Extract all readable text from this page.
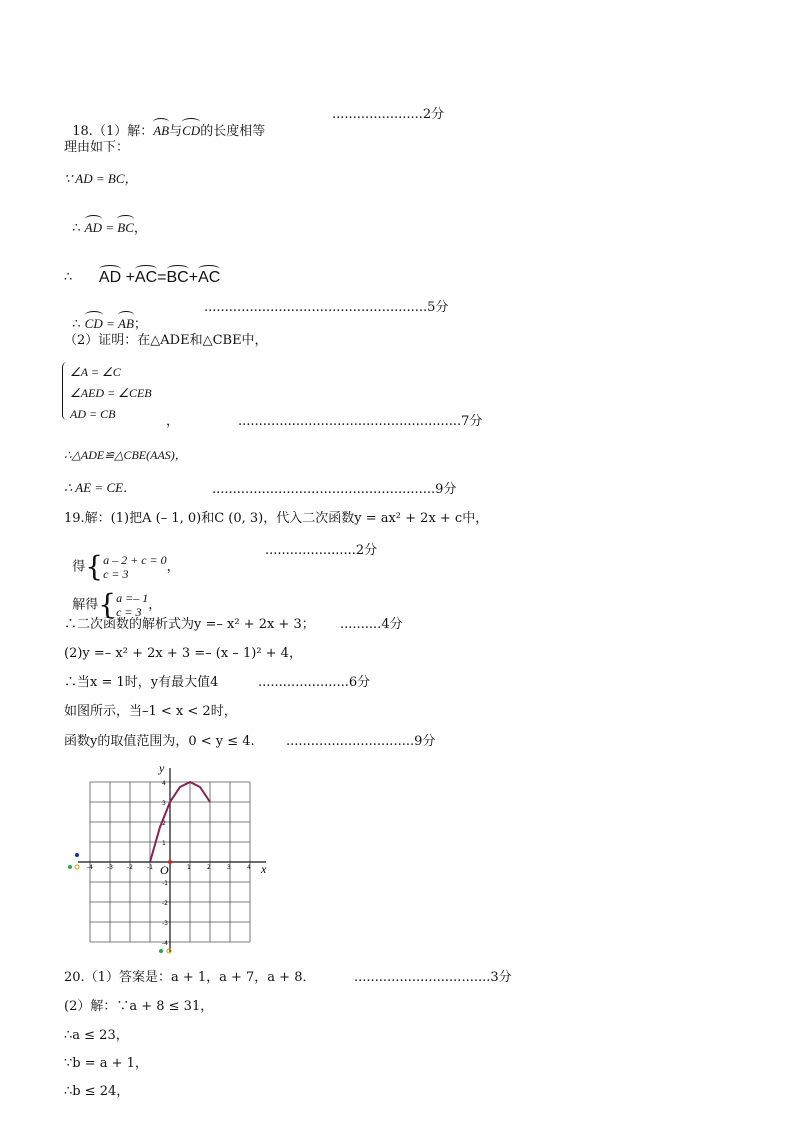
18.（1）解：AB与CD的长度相等

......................2分
理由如下：
∵ AD = BC，

∴ AD = BC，

AD +AC=BC+AC

∴

∴ CD = AB；

......................................................5分
（2）证明：在△ADE和△CBE中，
∠A = ∠C
∠AED = ∠CEB
AD = CB	，	......................................................7分
∴△ADE≌△CBE(AAS)，
∴ AE = CE．	......................................................9分
19.解：(1)把A (– 1, 0)和C (0, 3)，代入二次函数y = ax² + 2x + c中，

得{a – 2 + c = 0
c = 3	，

......................2分

解得{a =– 1
c = 3 ，

∴二次函数的解析式为y =– x² + 2x + 3； ..........4分
(2)y =– x² + 2x + 3 =– (x – 1)² + 4，
∴当x = 1时，y有最大值4	......................6分
如图所示，当–1 < x < 2时，
函数y的取值范围为，0 < y ≤ 4. ...............................9分
-4 -3 -2 -1	1	2	3	4
4
3
2
1
-1
-2
-3
-4
x
y
O
20.（1）答案是：a + 1，a + 7，a + 8．	.................................3分
(2）解：∵a + 8 ≤ 31，
∴a ≤ 23，
∵b = a + 1，
∴b ≤ 24，
